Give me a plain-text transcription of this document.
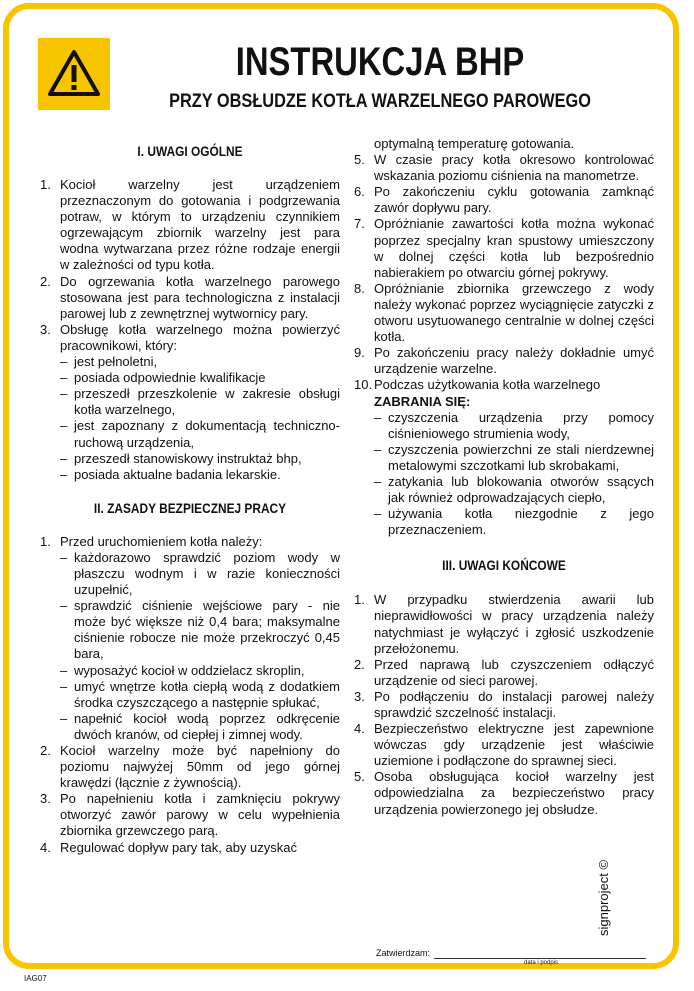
INSTRUKCJA BHP
PRZY OBSŁUDZE KOTŁA WARZELNEGO PAROWEGO
I. UWAGI OGÓLNE
1. Kocioł warzelny jest urządzeniem przeznaczonym do gotowania i podgrzewania potraw, w którym to urządzeniu czynnikiem ogrzewającym zbiornik warzelny jest para wodna wytwarzana przez różne rodzaje energii w zależności od typu kotła.
2. Do ogrzewania kotła warzelnego parowego stosowana jest para technologiczna z instalacji parowej lub z zewnętrznej wytwornicy pary.
3. Obsługę kotła warzelnego można powierzyć pracownikowi, który:
– jest pełnoletni,
– posiada odpowiednie kwalifikacje
– przeszedł przeszkolenie w zakresie obsługi kotła warzelnego,
– jest zapoznany z dokumentacją techniczno-ruchową urządzenia,
– przeszedł stanowiskowy instruktaż bhp,
– posiada aktualne badania lekarskie.
II. ZASADY BEZPIECZNEJ PRACY
1. Przed uruchomieniem kotła należy:
– każdorazowo sprawdzić poziom wody w płaszczu wodnym i w razie konieczności uzupełnić,
– sprawdzić ciśnienie wejściowe pary - nie może być większe niż 0,4 bara; maksymalne ciśnienie robocze nie może przekroczyć 0,45 bara,
– wyposażyć kocioł w oddzielacz skroplin,
– umyć wnętrze kotła ciepłą wodą z dodatkiem środka czyszczącego a następnie spłukać,
– napełnić kocioł wodą poprzez odkręcenie dwóch kranów, od ciepłej i zimnej wody.
2. Kocioł warzelny może być napełniony do poziomu najwyżej 50mm od jego górnej krawędzi (łącznie z żywnością).
3. Po napełnieniu kotła i zamknięciu pokrywy otworzyć zawór parowy w celu wypełnienia zbiornika grzewczego parą.
4. Regulować dopływ pary tak, aby uzyskać
optymalną temperaturę gotowania.
5. W czasie pracy kotła okresowo kontrolować wskazania poziomu ciśnienia na manometrze.
6. Po zakończeniu cyklu gotowania zamknąć zawór dopływu pary.
7. Opróżnianie zawartości kotła można wykonać poprzez specjalny kran spustowy umieszczony w dolnej części kotła lub bezpośrednio nabierakiem po otwarciu górnej pokrywy.
8. Opróżnianie zbiornika grzewczego z wody należy wykonać poprzez wyciągnięcie zatyczki z otworu usytuowanego centralnie w dolnej części kotła.
9. Po zakończeniu pracy należy dokładnie umyć urządzenie warzelne.
10. Podczas użytkowania kotła warzelnego
ZABRANIA SIĘ:
– czyszczenia urządzenia przy pomocy ciśnieniowego strumienia wody,
– czyszczenia powierzchni ze stali nierdzewnej metalowymi szczotkami lub skrobakami,
– zatykania lub blokowania otworów ssących jak również odprowadzających ciepło,
– używania kotła niezgodnie z jego przeznaczeniem.
III. UWAGI KOŃCOWE
1. W przypadku stwierdzenia awarii lub nieprawidłowości w pracy urządzenia należy natychmiast je wyłączyć i zgłosić uszkodzenie przełożonemu.
2. Przed naprawą lub czyszczeniem odłączyć urządzenie od sieci parowej.
3. Po podłączeniu do instalacji parowej należy sprawdzić szczelność instalacji.
4. Bezpieczeństwo elektryczne jest zapewnione wówczas gdy urządzenie jest właściwie uziemione i podłączone do sprawnej sieci.
5. Osoba obsługująca kocioł warzelny jest odpowiedzialna za bezpieczeństwo pracy urządzenia powierzonego jej obsłudze.
Zatwierdzam:
data i podpis
IAG07
signproject ©
